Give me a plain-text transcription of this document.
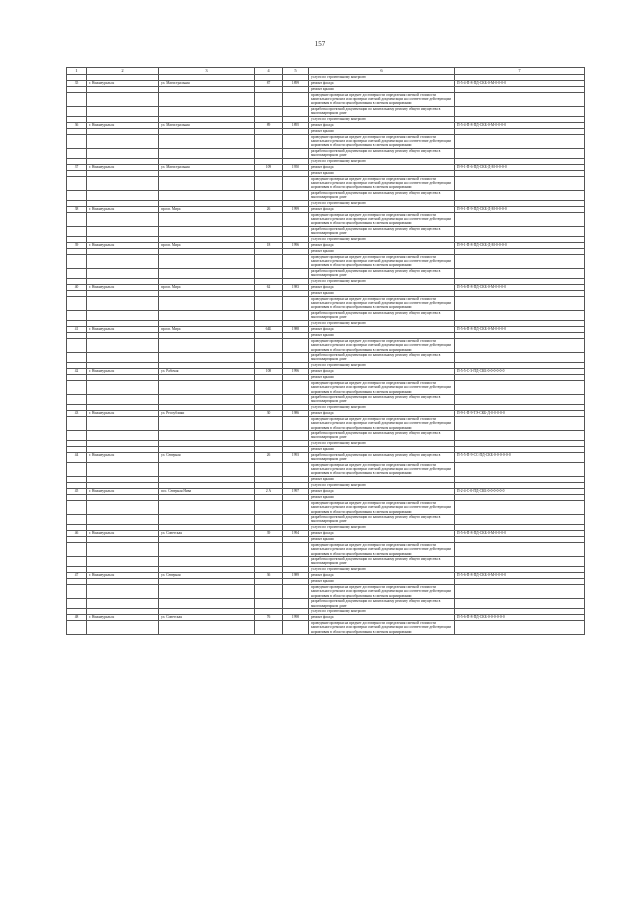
157
1	2	3	4	5	6	7
					услуги по строительному контролю	
35	г. Нижнеуральск	ул. Магистральная	87	1899	ремонт фасада	П-5-4-П-8-ПД-СКБ-0-М-0-0-0-0
					ремонт крыши	
					проведение проверки на предмет достоверности определения сметной стоимости капитального ремонта или проверки сметной документации на соответствие действующим нормативам в области ценообразования в сметном нормировании	
					разработка проектной документации по капитальному ремонту общего имущества в многоквартирном доме	
					услуги по строительному контролю	
36	г. Нижнеуральск	ул. Магистральная	89	1895	ремонт фасада	П-5-4-П-8-ПД-СКБ-0-М-0-0-0-0
					ремонт крыши	
					проведение проверки на предмет достоверности определения сметной стоимости капитального ремонта или проверки сметной документации на соответствие действующим нормативам в области ценообразования в сметном нормировании	
					разработка проектной документации по капитальному ремонту общего имущества в многоквартирном доме	
					услуги по строительному контролю	
37	г. Нижнеуральск	ул. Магистральная	109	1950	ремонт фасада	П-9-1-П-6-ПД-СКБ-Д-М-0-0-0-0
					ремонт крыши	
					проведение проверки на предмет достоверности определения сметной стоимости капитального ремонта или проверки сметной документации на соответствие действующим нормативам в области ценообразования в сметном нормировании	
					разработка проектной документации по капитальному ремонту общего имущества в многоквартирном доме	
					услуги по строительному контролю	
38	г. Нижнеуральск	просп. Мира	26	1999	ремонт фасада	П-9-1-П-9-ПД-СКБ-Д-М-0-0-0-0
					проведение проверки на предмет достоверности определения сметной стоимости капитального ремонта или проверки сметной документации на соответствие действующим нормативам в области ценообразования в сметном нормировании	
					разработка проектной документации по капитальному ремонту общего имущества в многоквартирном доме	
					услуги по строительному контролю	
39	г. Нижнеуральск	просп. Мира	18	1996	ремонт фасада	П-9-1-П-8-ПД-СКБ-Д-М-0-0-0-0
					ремонт крыши	
					проведение проверки на предмет достоверности определения сметной стоимости капитального ремонта или проверки сметной документации на соответствие действующим нормативам в области ценообразования в сметном нормировании	
					разработка проектной документации по капитальному ремонту общего имущества в многоквартирном доме	
					услуги по строительному контролю	
40	г. Нижнеуральск	просп. Мира	62	1983	ремонт фасада	П-5-6-П-8-ПД-СКБ-0-М-0-0-0-0
					ремонт крыши	
					проведение проверки на предмет достоверности определения сметной стоимости капитального ремонта или проверки сметной документации на соответствие действующим нормативам в области ценообразования в сметном нормировании	
					разработка проектной документации по капитальному ремонту общего имущества в многоквартирном доме	
					услуги по строительному контролю	
41	г. Нижнеуральск	просп. Мира	64Б	1988	ремонт фасада	П-5-6-П-8-ПД-СКБ-0-М-0-0-0-0
					ремонт крыши	
					проведение проверки на предмет достоверности определения сметной стоимости капитального ремонта или проверки сметной документации на соответствие действующим нормативам в области ценообразования в сметном нормировании	
					разработка проектной документации по капитальному ремонту общего имущества в многоквартирном доме	
					услуги по строительному контролю	
42	г. Нижнеуральск	ул. Рабочая	108	1996	ремонт фасада	П-5-5-С-3-ПД-СКБ-0-0-0-0-0-0
					ремонт крыши	
					проведение проверки на предмет достоверности определения сметной стоимости капитального ремонта или проверки сметной документации на соответствие действующим нормативам в области ценообразования в сметном нормировании	
					разработка проектной документации по капитальному ремонту общего имущества в многоквартирном доме	
					услуги по строительному контролю	
43	г. Нижнеуральск	ул. Республики	30	1986	ремонт фасада	П-9-1-П-9-ТЭ-СКБ-Д-0-0-0-0-0
					проведение проверки на предмет достоверности определения сметной стоимости капитального ремонта или проверки сметной документации на соответствие действующим нормативам в области ценообразования в сметном нормировании	
					разработка проектной документации по капитальному ремонту общего имущества в многоквартирном доме	
					услуги по строительному контролю	
					ремонт крыши	
44	г. Нижнеуральск	ул. Северная	26	1993	разработка проектной документации по капитальному ремонту общего имущества в многоквартирном доме	П-5-5-П-9-СС-ПД-СКБ-0-0-0-0-0-0
					проведение проверки на предмет достоверности определения сметной стоимости капитального ремонта или проверки сметной документации на соответствие действующим нормативам в области ценообразования в сметном нормировании	
					ремонт крыши	
					услуги по строительному контролю	
45	г. Нижнеуральск	пос. Северная Нива	2 А	1997	ремонт фасада	П-2-4-С-0-ПД-СКБ-0-0-0-0-0-0
					ремонт крыши	
					проведение проверки на предмет достоверности определения сметной стоимости капитального ремонта или проверки сметной документации на соответствие действующим нормативам в области ценообразования в сметном нормировании	
					разработка проектной документации по капитальному ремонту общего имущества в многоквартирном доме	
					услуги по строительному контролю	
46	г. Нижнеуральск	ул. Советская	39	1994	ремонт фасада	П-5-6-П-8-ПД-СКБ-0-М-0-0-0-0
					ремонт крыши	
					проведение проверки на предмет достоверности определения сметной стоимости капитального ремонта или проверки сметной документации на соответствие действующим нормативам в области ценообразования в сметном нормировании	
					разработка проектной документации по капитальному ремонту общего имущества в многоквартирном доме	
					услуги по строительному контролю	
47	г. Нижнеуральск	ул. Северная	36	1989	ремонт фасада	П-5-6-П-8-ПД-СКБ-0-М-0-0-0-0
					ремонт крыши	
					проведение проверки на предмет достоверности определения сметной стоимости капитального ремонта или проверки сметной документации на соответствие действующим нормативам в области ценообразования в сметном нормировании	
					разработка проектной документации по капитальному ремонту общего имущества в многоквартирном доме	
					услуги по строительному контролю	
48	г. Нижнеуральск	ул. Советская	76	1998	ремонт фасада	П-5-6-П-8-ПД-СКБ-0-0-0-0-0-0
					проведение проверки на предмет достоверности определения сметной стоимости капитального ремонта или проверки сметной документации на соответствие действующим нормативам в области ценообразования в сметном нормировании	
